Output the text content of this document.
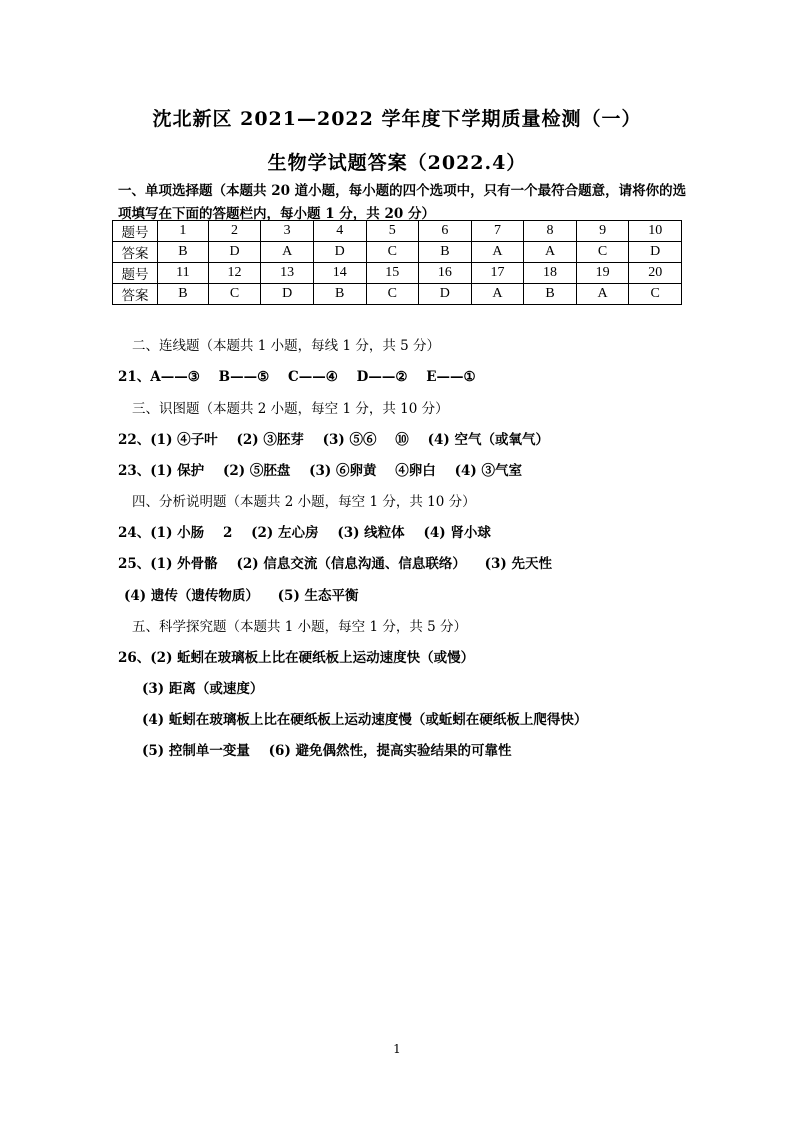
沈北新区 2021—2022 学年度下学期质量检测（一）
生物学试题答案（2022.4）
一、单项选择题（本题共 20 道小题，每小题的四个选项中，只有一个最符合题意，请将你的选项填写在下面的答题栏内，每小题 1 分，共 20 分）
题号	1	2	3	4	5	6	7	8	9	10
答案	B	D	A	D	C	B	A	A	C	D
题号	11	12	13	14	15	16	17	18	19	20
答案	B	C	D	B	C	D	A	B	A	C
二、连线题（本题共 1 小题，每线 1 分，共 5 分）
21、A——③    B——⑤    C——④    D——②    E——①
三、识图题（本题共 2 小题，每空 1 分，共 10 分）
22、(1) ④子叶    (2) ③胚芽    (3) ⑤⑥    ⑩    (4) 空气（或氧气）
23、(1) 保护    (2) ⑤胚盘    (3) ⑥卵黄    ④卵白    (4) ③气室
四、分析说明题（本题共 2 小题，每空 1 分，共 10 分）
24、(1) 小肠    2    (2) 左心房    (3) 线粒体    (4) 肾小球
25、(1) 外骨骼    (2) 信息交流（信息沟通、信息联络）    (3) 先天性
(4) 遗传（遗传物质）    (5) 生态平衡
五、科学探究题（本题共 1 小题，每空 1 分，共 5 分）
26、(2) 蚯蚓在玻璃板上比在硬纸板上运动速度快（或慢）
(3) 距离（或速度）
(4) 蚯蚓在玻璃板上比在硬纸板上运动速度慢（或蚯蚓在硬纸板上爬得快）
(5) 控制单一变量    (6) 避免偶然性，提高实验结果的可靠性
1
